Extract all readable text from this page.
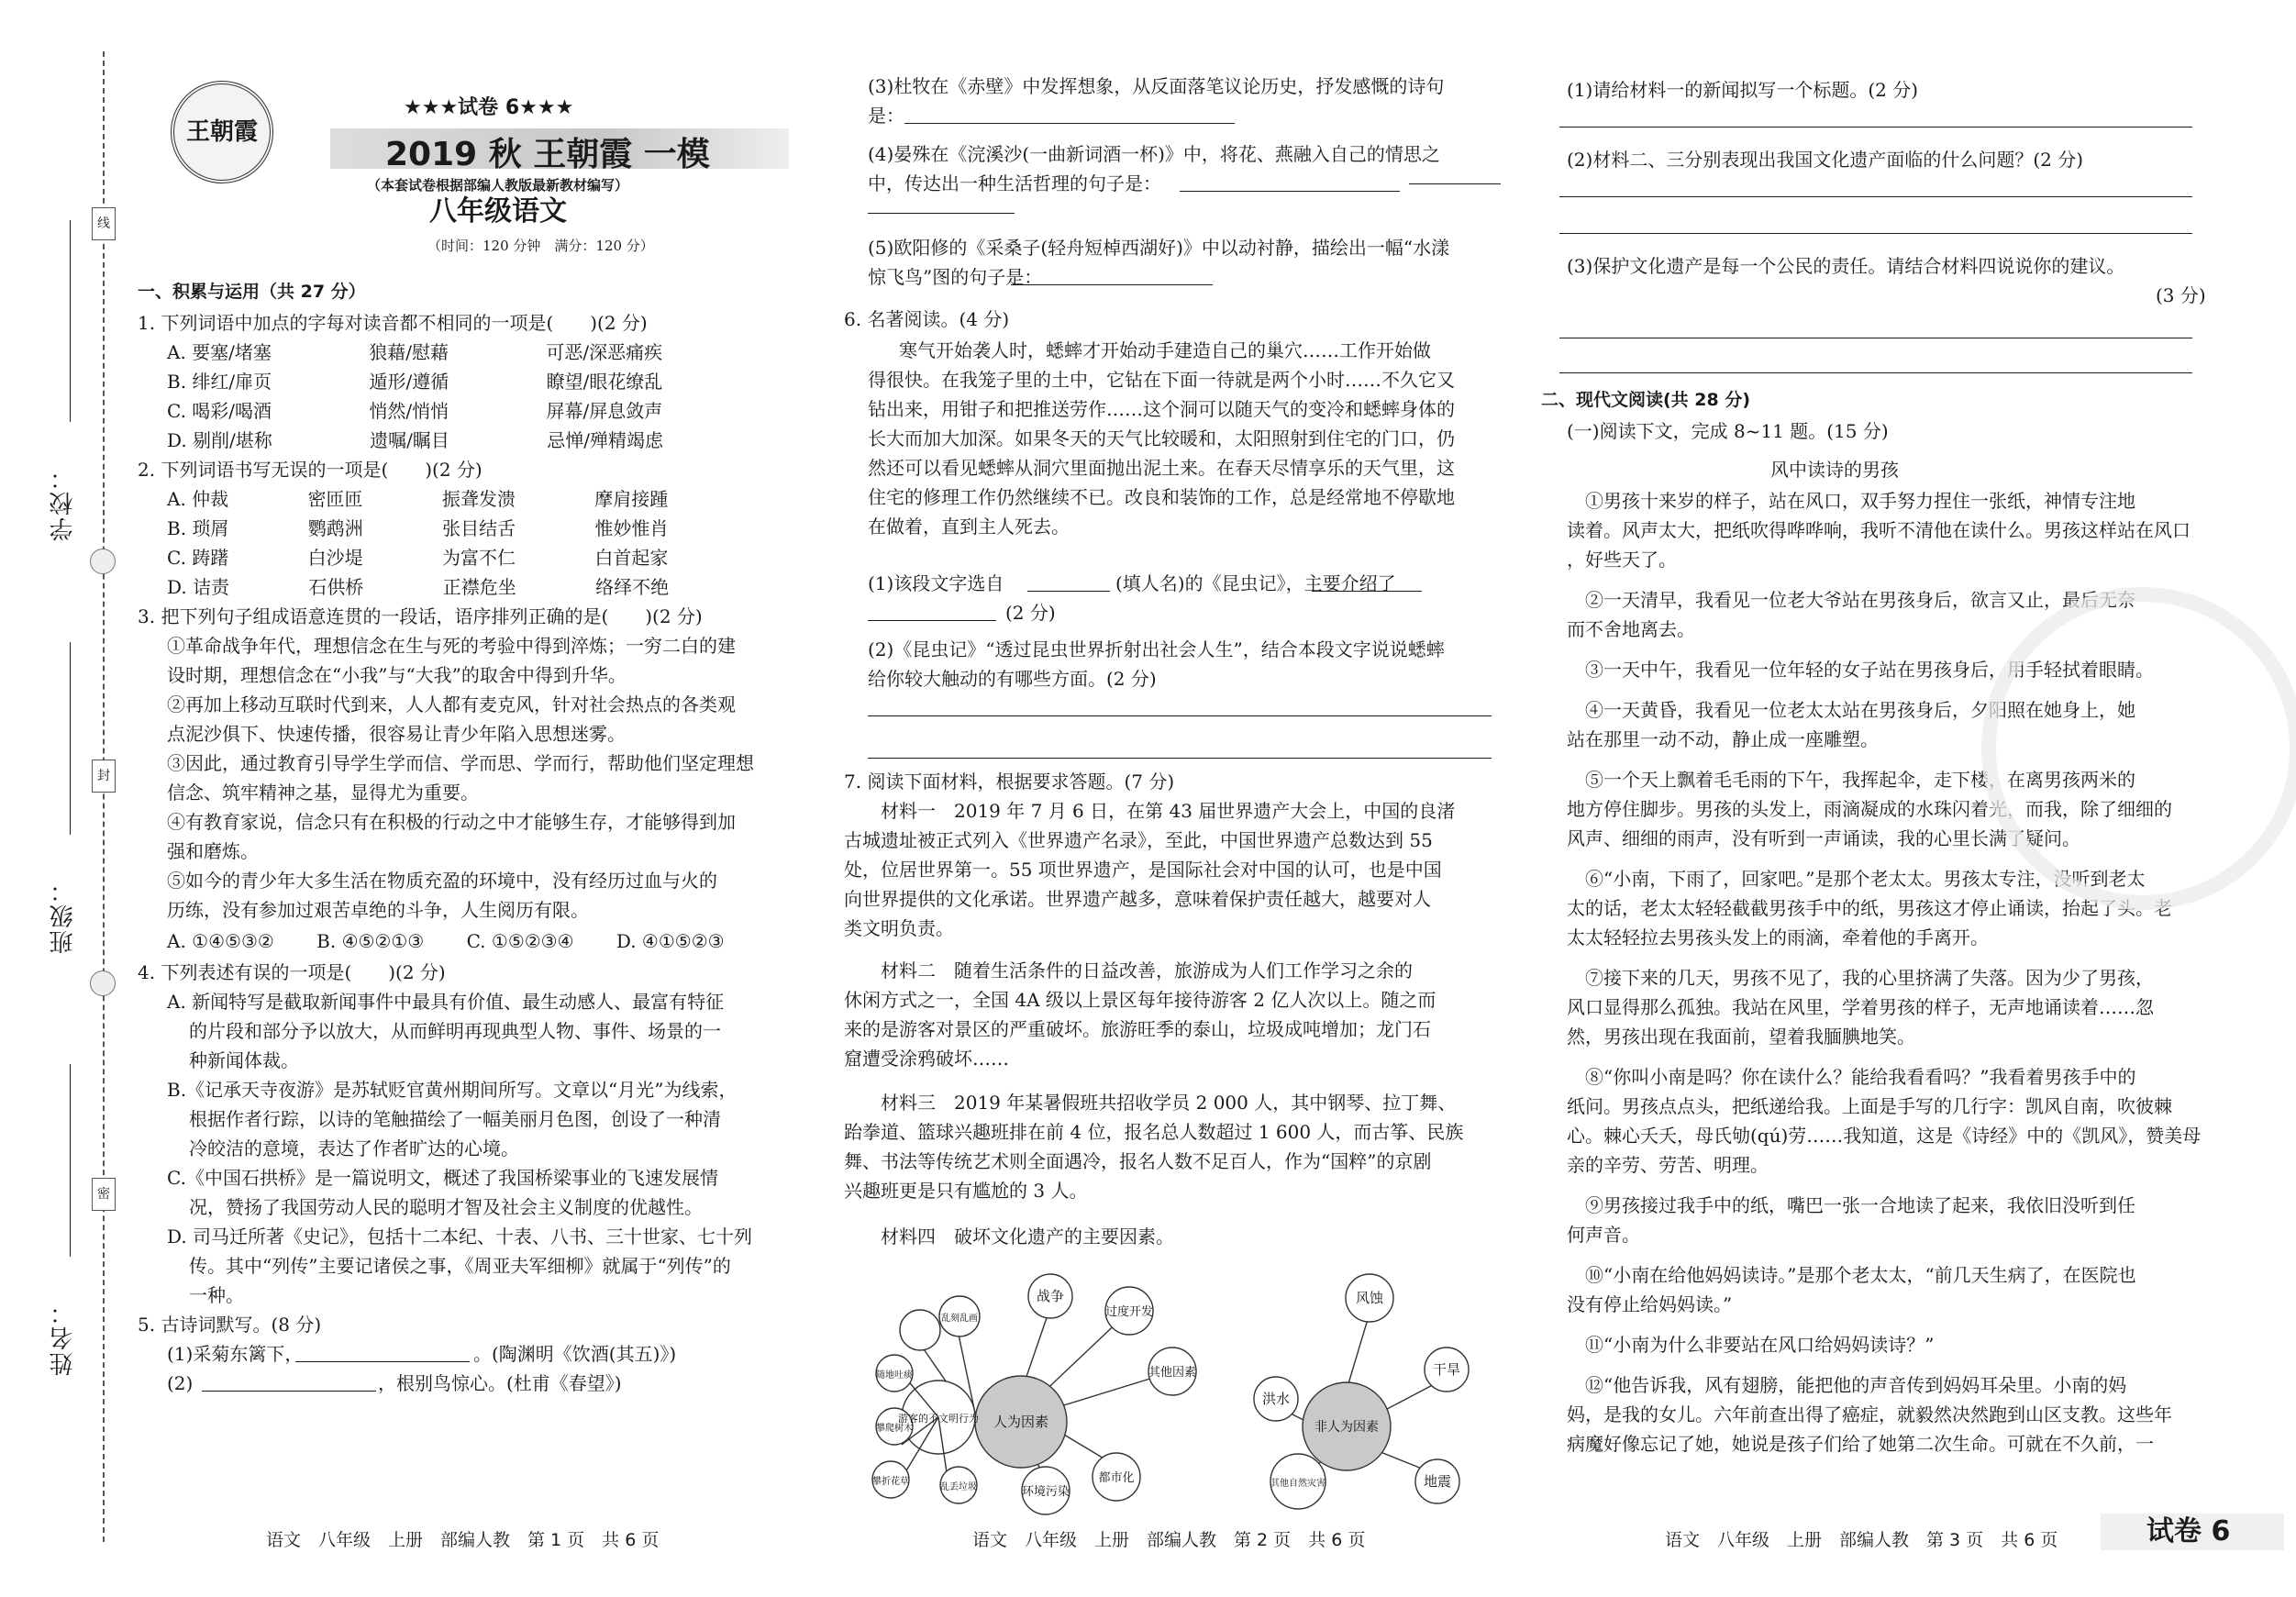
线
封
密
学校：
班级：
姓名：
王朝霞
★★★试卷 6★★★
2019 秋 王朝霞 一模
（本套试卷根据部编人教版最新教材编写）
八年级语文
（时间：120 分钟　满分：120 分）
一、积累与运用（共 27 分）
1. 下列词语中加点的字每对读音都不相同的一项是(　　)(2 分)
A. 要塞/堵塞　　　　　 狼藉/慰藉　　　　　 可恶/深恶痛疾
B. 绯红/扉页　　　　　 遁形/遵循　　　　　 瞭望/眼花缭乱
C. 喝彩/喝酒　　　　　 悄然/悄悄　　　　　 屏幕/屏息敛声
D. 剔削/堪称　　　　　 遗嘱/瞩目　　　　　 忌惮/殚精竭虑
2. 下列词语书写无误的一项是(　　)(2 分)
A. 仲裁　　　　 密匝匝　　　　 振聋发溃　　　　 摩肩接踵
B. 琐屑　　　　 鹦鹉洲　　　　 张目结舌　　　　 惟妙惟肖
C. 踌躇　　　　 白沙堤　　　　 为富不仁　　　　 白首起家
D. 诘责　　　　 石供桥　　　　 正襟危坐　　　　 络绎不绝
3. 把下列句子组成语意连贯的一段话，语序排列正确的是(　　)(2 分)
①革命战争年代，理想信念在生与死的考验中得到淬炼；一穷二白的建
设时期，理想信念在“小我”与“大我”的取舍中得到升华。
②再加上移动互联时代到来，人人都有麦克风，针对社会热点的各类观
点泥沙俱下、快速传播，很容易让青少年陷入思想迷雾。
③因此，通过教育引导学生学而信、学而思、学而行，帮助他们坚定理想
信念、筑牢精神之基，显得尤为重要。
④有教育家说，信念只有在积极的行动之中才能够生存，才能够得到加
强和磨炼。
⑤如今的青少年大多生活在物质充盈的环境中，没有经历过血与火的
历练，没有参加过艰苦卓绝的斗争，人生阅历有限。
A. ①④⑤③②　　 B. ④⑤②①③　　 C. ①⑤②③④　　 D. ④①⑤②③
4. 下列表述有误的一项是(　　)(2 分)
A. 新闻特写是截取新闻事件中最具有价值、最生动感人、最富有特征
的片段和部分予以放大，从而鲜明再现典型人物、事件、场景的一
种新闻体裁。
B.《记承天寺夜游》是苏轼贬官黄州期间所写。文章以“月光”为线索，
根据作者行踪，以诗的笔触描绘了一幅美丽月色图，创设了一种清
冷皎洁的意境，表达了作者旷达的心境。
C.《中国石拱桥》是一篇说明文，概述了我国桥梁事业的飞速发展情
况，赞扬了我国劳动人民的聪明才智及社会主义制度的优越性。
D. 司马迁所著《史记》，包括十二本纪、十表、八书、三十世家、七十列
传。其中“列传”主要记诸侯之事，《周亚夫军细柳》就属于“列传”的
一种。
5. 古诗词默写。(8 分)
(1)采菊东篱下，	。(陶渊明《饮酒(其五)》)
(2)	，根别鸟惊心。(杜甫《春望》)
(3)杜牧在《赤壁》中发挥想象，从反面落笔议论历史，抒发感慨的诗句
是：
(4)晏殊在《浣溪沙(一曲新词酒一杯)》中，将花、燕融入自己的情思之
中，传达出一种生活哲理的句子是：
(5)欧阳修的《采桑子(轻舟短棹西湖好)》中以动衬静，描绘出一幅“水漾
惊飞鸟”图的句子是：
6. 名著阅读。(4 分)
寒气开始袭人时，蟋蟀才开始动手建造自己的巢穴……工作开始做
得很快。在我笼子里的土中，它钻在下面一待就是两个小时……不久它又
钻出来，用钳子和把推送劳作……这个洞可以随天气的变冷和蟋蟀身体的
长大而加大加深。如果冬天的天气比较暖和，太阳照射到住宅的门口，仍
然还可以看见蟋蟀从洞穴里面抛出泥土来。在春天尽情享乐的天气里，这
住宅的修理工作仍然继续不已。改良和装饰的工作，总是经常地不停歇地
在做着，直到主人死去。
(1)该段文字选自	(填人名)的《昆虫记》，主要介绍了
(2 分)
(2)《昆虫记》“透过昆虫世界折射出社会人生”，结合本段文字说说蟋蟀
给你较大触动的有哪些方面。(2 分)
7. 阅读下面材料，根据要求答题。(7 分)
材料一　2019 年 7 月 6 日，在第 43 届世界遗产大会上，中国的良渚
古城遗址被正式列入《世界遗产名录》，至此，中国世界遗产总数达到 55
处，位居世界第一。55 项世界遗产，是国际社会对中国的认可，也是中国
向世界提供的文化承诺。世界遗产越多，意味着保护责任越大，越要对人
类文明负责。
材料二　随着生活条件的日益改善，旅游成为人们工作学习之余的
休闲方式之一，全国 4A 级以上景区每年接待游客 2 亿人次以上。随之而
来的是游客对景区的严重破坏。旅游旺季的泰山，垃圾成吨增加；龙门石
窟遭受涂鸦破坏……
材料三　2019 年某暑假班共招收学员 2 000 人，其中钢琴、拉丁舞、
跆拳道、篮球兴趣班排在前 4 位，报名总人数超过 1 600 人，而古筝、民族
舞、书法等传统艺术则全面遇冷，报名人数不足百人，作为“国粹”的京剧
兴趣班更是只有尴尬的 3 人。
材料四　破坏文化遗产的主要因素。
人为因素
战争
过度开发
其他因素
都市化
环境污染
乱丢垃圾
攀折花草
攀爬树木
随地吐痰
乱刻乱画
游客的不文明行为
非人为因素
风蚀
干旱
地震
其他自然灾害
洪水
(1)请给材料一的新闻拟写一个标题。(2 分)
(2)材料二、三分别表现出我国文化遗产面临的什么问题？(2 分)
(3)保护文化遗产是每一个公民的责任。请结合材料四说说你的建议。
(3 分)
二、现代文阅读(共 28 分)
(一)阅读下文，完成 8~11 题。(15 分)
风中读诗的男孩
①男孩十来岁的样子，站在风口，双手努力捏住一张纸，神情专注地
读着。风声太大，把纸吹得哗哗响，我听不清他在读什么。男孩这样站在风口
，好些天了。
②一天清早，我看见一位老大爷站在男孩身后，欲言又止，最后无奈
而不舍地离去。
③一天中午，我看见一位年轻的女子站在男孩身后，用手轻拭着眼睛。
④一天黄昏，我看见一位老太太站在男孩身后，夕阳照在她身上，她
站在那里一动不动，静止成一座雕塑。
⑤一个天上飘着毛毛雨的下午，我挥起伞，走下楼，在离男孩两米的
地方停住脚步。男孩的头发上，雨滴凝成的水珠闪着光，而我，除了细细的
风声、细细的雨声，没有听到一声诵读，我的心里长满了疑问。
⑥“小南，下雨了，回家吧。”是那个老太太。男孩太专注，没听到老太
太的话，老太太轻轻截截男孩手中的纸，男孩这才停止诵读，抬起了头。老
太太轻轻拉去男孩头发上的雨滴，牵着他的手离开。
⑦接下来的几天，男孩不见了，我的心里挤满了失落。因为少了男孩，
风口显得那么孤独。我站在风里，学着男孩的样子，无声地诵读着……忽
然，男孩出现在我面前，望着我腼腆地笑。
⑧“你叫小南是吗？你在读什么？能给我看看吗？”我看着男孩手中的
纸问。男孩点点头，把纸递给我。上面是手写的几行字：凯风自南，吹彼棘
心。棘心夭夭，母氏劬(qú)劳……我知道，这是《诗经》中的《凯风》，赞美母
亲的辛劳、劳苦、明理。
⑨男孩接过我手中的纸，嘴巴一张一合地读了起来，我依旧没听到任
何声音。
⑩“小南在给他妈妈读诗。”是那个老太太，“前几天生病了，在医院也
没有停止给妈妈读。”
⑪“小南为什么非要站在风口给妈妈读诗？”
⑫“他告诉我，风有翅膀，能把他的声音传到妈妈耳朵里。小南的妈
妈，是我的女儿。六年前查出得了癌症，就毅然决然跑到山区支教。这些年
病魔好像忘记了她，她说是孩子们给了她第二次生命。可就在不久前，一
语文　八年级　上册　部编人教　第 1 页　共 6 页	语文　八年级　上册　部编人教　第 2 页　共 6 页	语文　八年级　上册　部编人教　第 3 页　共 6 页	试卷 6
